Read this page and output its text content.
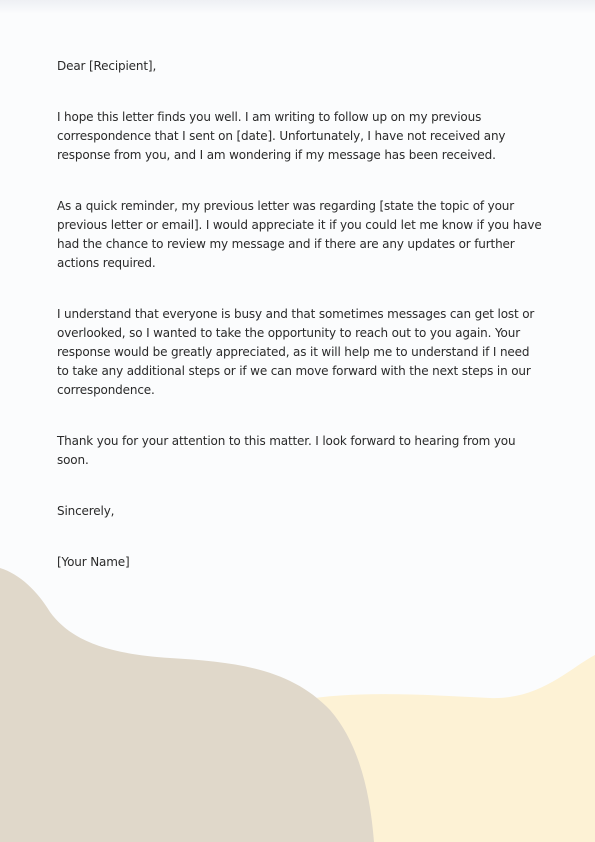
Dear [Recipient],

I hope this letter finds you well. I am writing to follow up on my previous correspondence that I sent on [date]. Unfortunately, I have not received any response from you, and I am wondering if my message has been received.

As a quick reminder, my previous letter was regarding [state the topic of your previous letter or email]. I would appreciate it if you could let me know if you have had the chance to review my message and if there are any updates or further actions required.

I understand that everyone is busy and that sometimes messages can get lost or overlooked, so I wanted to take the opportunity to reach out to you again. Your response would be greatly appreciated, as it will help me to understand if I need to take any additional steps or if we can move forward with the next steps in our correspondence.

Thank you for your attention to this matter. I look forward to hearing from you soon.

Sincerely,

[Your Name]
